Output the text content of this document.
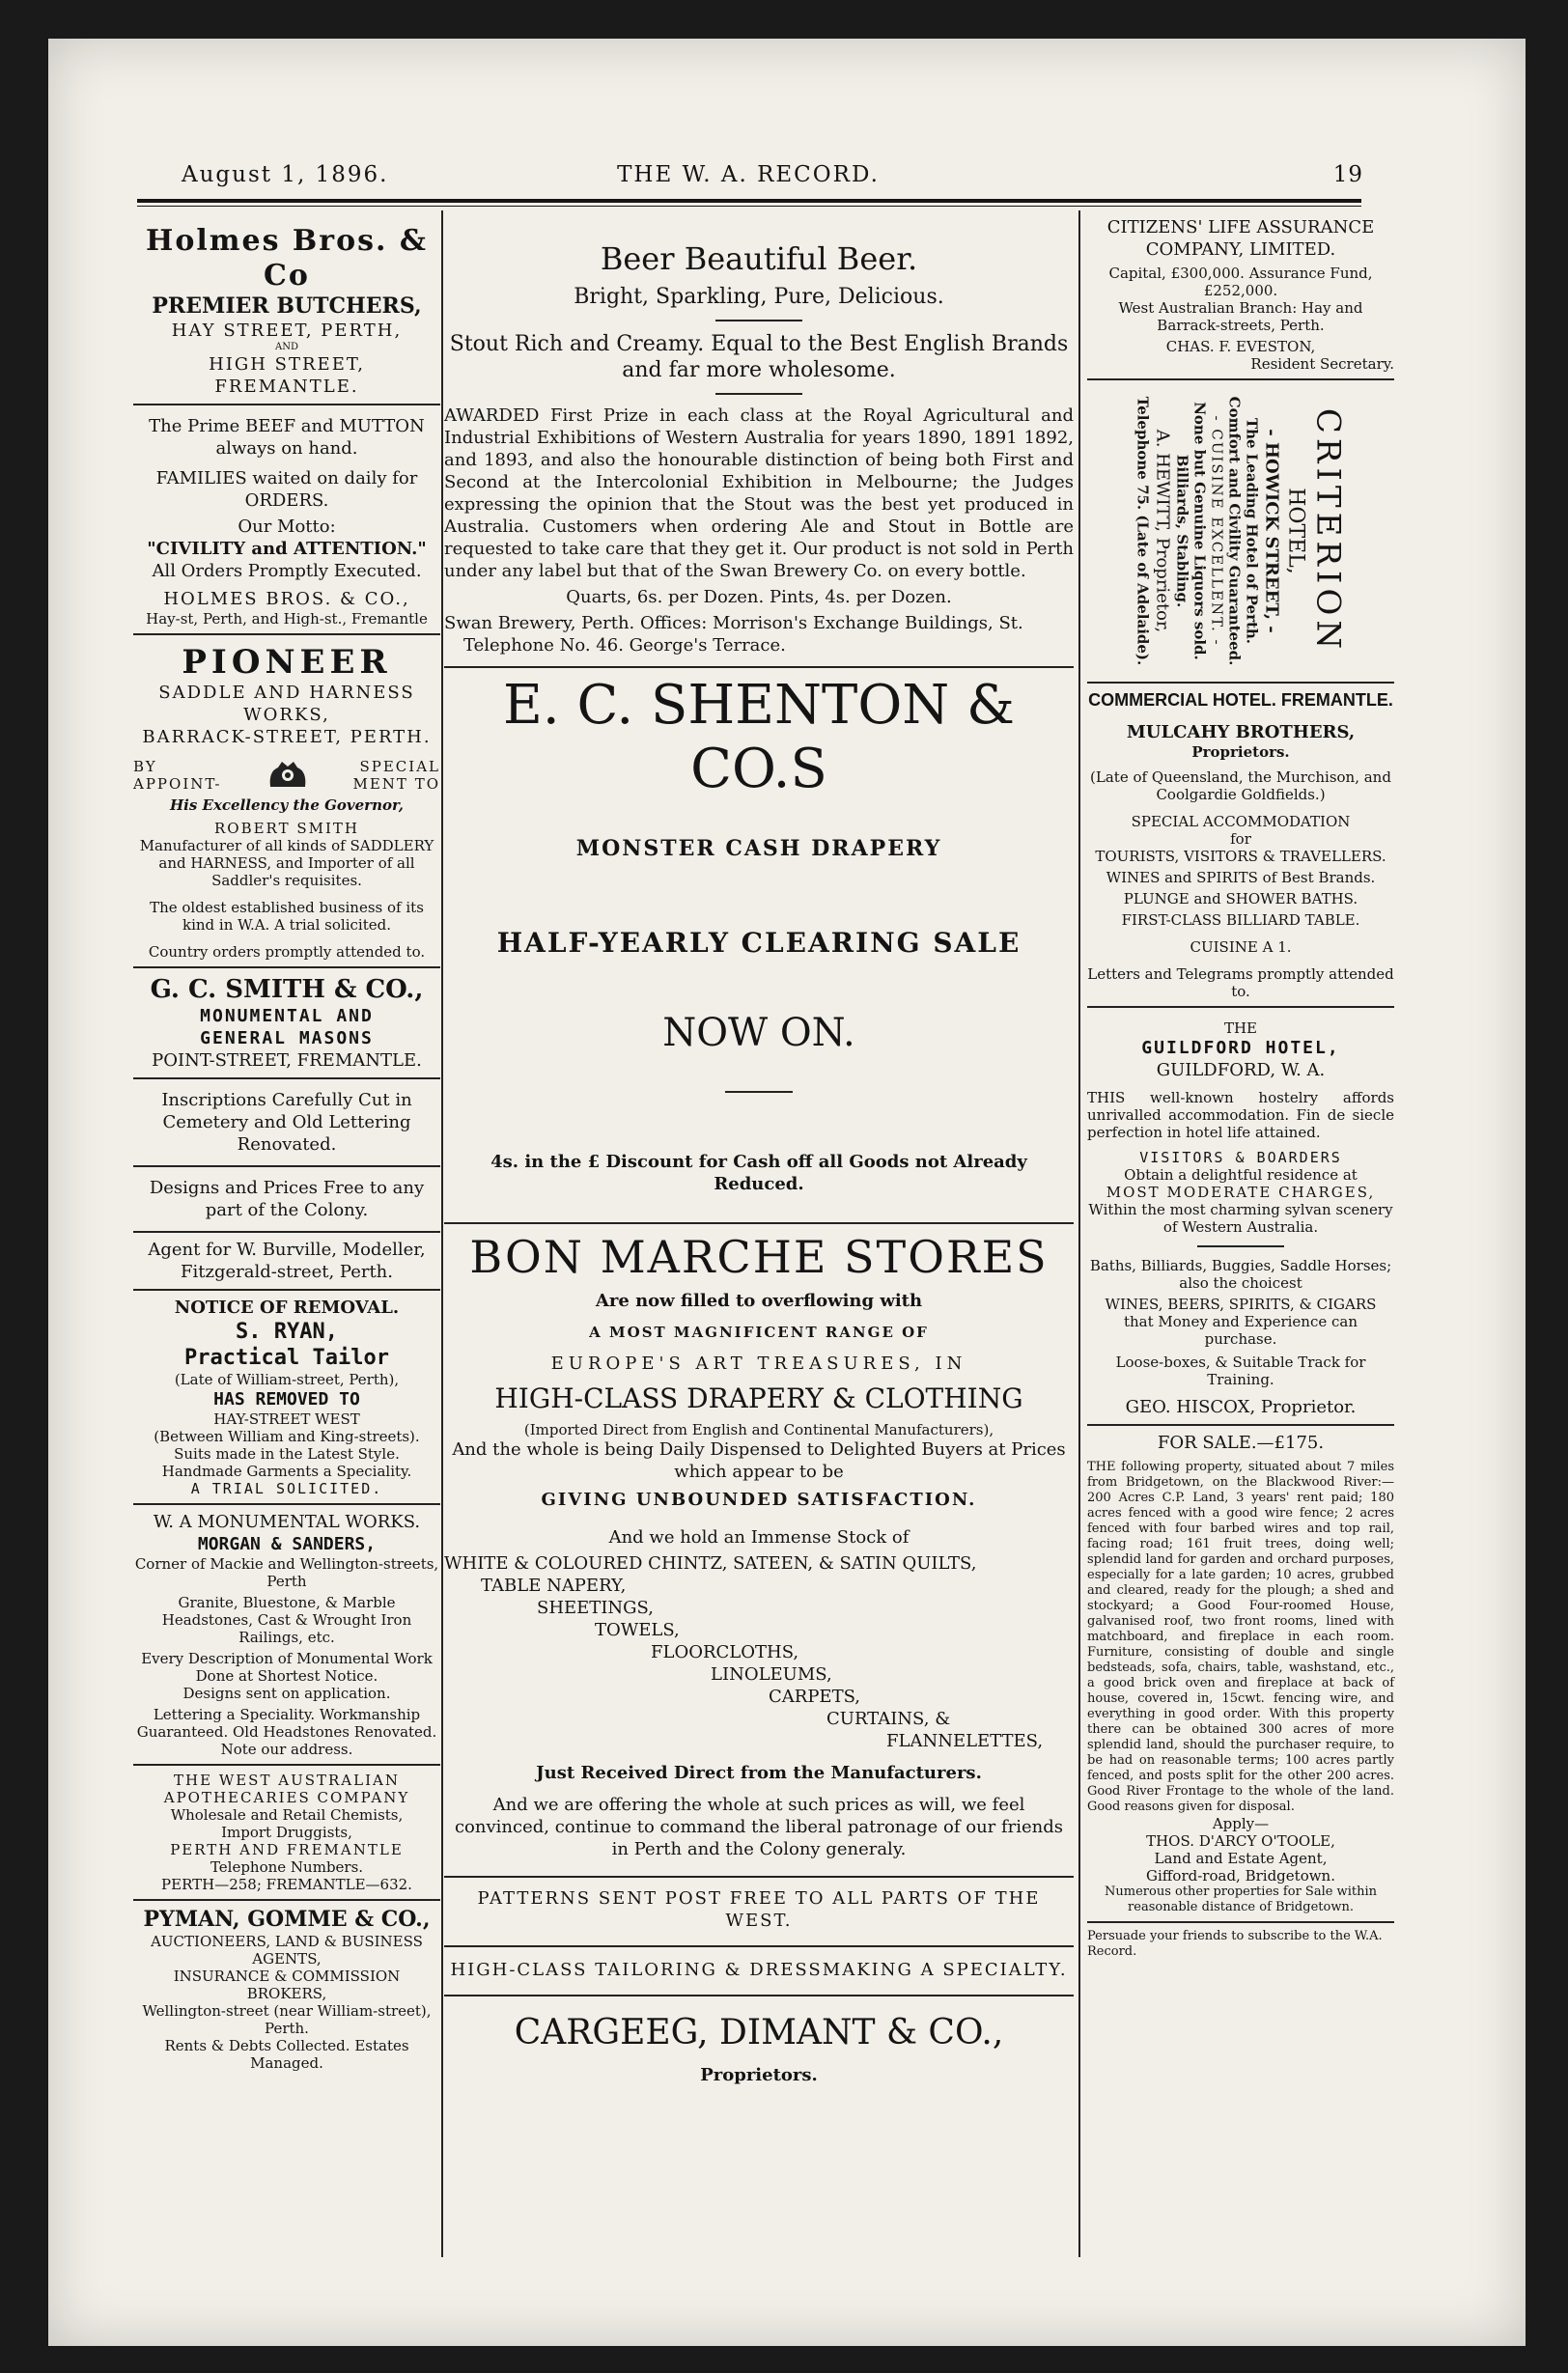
August 1, 1896.	THE W. A. RECORD.	19

Holmes Bros. & Co

PREMIER BUTCHERS,

HAY STREET, PERTH,

AND

HIGH STREET, FREMANTLE.

The Prime BEEF and MUTTON always on hand.

FAMILIES waited on daily for ORDERS.

Our Motto:

"CIVILITY and ATTENTION."

All Orders Promptly Executed.

HOLMES BROS. & CO.,

Hay-st, Perth, and High-st., Fremantle

PIONEER

SADDLE AND HARNESS

WORKS,

BARRACK-STREET, PERTH.

BY

APPOINT-

SPECIAL

MENT TO

His Excellency the Governor,

ROBERT SMITH

Manufacturer of all kinds of SADDLERY and HARNESS, and Importer of all Saddler's requisites.

The oldest established business of its kind in W.A. A trial solicited.

Country orders promptly attended to.

G. C. SMITH & CO.,

MONUMENTAL AND

GENERAL MASONS

POINT-STREET, FREMANTLE.

Inscriptions Carefully Cut in Cemetery and Old Lettering Renovated.

Designs and Prices Free to any part of the Colony.

Agent for W. Burville, Modeller, Fitzgerald-street, Perth.

NOTICE OF REMOVAL.

S. RYAN,

Practical Tailor

(Late of William-street, Perth),

HAS REMOVED TO

HAY-STREET WEST

(Between William and King-streets).

Suits made in the Latest Style. Handmade Garments a Speciality.

A TRIAL SOLICITED.

W. A MONUMENTAL WORKS.

MORGAN & SANDERS,

Corner of Mackie and Wellington-streets, Perth

Granite, Bluestone, & Marble Headstones, Cast & Wrought Iron Railings, etc.

Every Description of Monumental Work Done at Shortest Notice.

Designs sent on application.

Lettering a Speciality. Workmanship Guaranteed. Old Headstones Renovated. Note our address.

THE WEST AUSTRALIAN APOTHECARIES COMPANY

Wholesale and Retail Chemists,

Import Druggists,

PERTH AND FREMANTLE

Telephone Numbers.

PERTH—258; FREMANTLE—632.

PYMAN, GOMME & CO.,

AUCTIONEERS, LAND & BUSINESS AGENTS,

INSURANCE & COMMISSION BROKERS,

Wellington-street (near William-street), Perth.

Rents & Debts Collected. Estates Managed.

Beer Beautiful Beer.

Bright, Sparkling, Pure, Delicious.

Stout Rich and Creamy. Equal to the Best English Brands and far more wholesome.

AWARDED First Prize in each class at the Royal Agricultural and Industrial Exhibitions of Western Australia for years 1890, 1891 1892, and 1893, and also the honourable distinction of being both First and Second at the Intercolonial Exhibition in Melbourne; the Judges expressing the opinion that the Stout was the best yet produced in Australia. Customers when ordering Ale and Stout in Bottle are requested to take care that they get it. Our product is not sold in Perth under any label but that of the Swan Brewery Co. on every bottle.

Quarts, 6s. per Dozen. Pints, 4s. per Dozen.

Swan Brewery, Perth. Offices: Morrison's Exchange Buildings, St.

Telephone No. 46. George's Terrace.

E. C. SHENTON & CO.S

MONSTER CASH DRAPERY

HALF-YEARLY CLEARING SALE

NOW ON.

4s. in the £ Discount for Cash off all Goods not Already Reduced.

BON MARCHE STORES

Are now filled to overflowing with

A MOST MAGNIFICENT RANGE OF

EUROPE'S ART TREASURES, IN

HIGH-CLASS DRAPERY & CLOTHING

(Imported Direct from English and Continental Manufacturers),

And the whole is being Daily Dispensed to Delighted Buyers at Prices which appear to be

GIVING UNBOUNDED SATISFACTION.

And we hold an Immense Stock of

WHITE & COLOURED CHINTZ, SATEEN, & SATIN QUILTS,

TABLE NAPERY,

SHEETINGS,

TOWELS,

FLOORCLOTHS,

LINOLEUMS,

CARPETS,

CURTAINS, &

FLANNELETTES,

Just Received Direct from the Manufacturers.

And we are offering the whole at such prices as will, we feel convinced, continue to command the liberal patronage of our friends in Perth and the Colony generaly.

PATTERNS SENT POST FREE TO ALL PARTS OF THE WEST.

HIGH-CLASS TAILORING & DRESSMAKING A SPECIALTY.

CARGEEG, DIMANT & CO.,

Proprietors.

CITIZENS' LIFE ASSURANCE COMPANY, LIMITED.

Capital, £300,000. Assurance Fund, £252,000.

West Australian Branch: Hay and Barrack-streets, Perth.

CHAS. F. EVESTON,

Resident Secretary.

CRITERION

HOTEL,

- HOWICK STREET, -

The Leading Hotel of Perth. Comfort and Civility Guaranteed.

- CUISINE EXCELLENT. -

None but Genuine Liquors sold.

Billiards, Stabling.

A. HEWITT, Proprietor,

Telephone 75. (Late of Adelaide).

COMMERCIAL HOTEL. FREMANTLE.

MULCAHY BROTHERS,

Proprietors.

(Late of Queensland, the Murchison, and Coolgardie Goldfields.)

SPECIAL ACCOMMODATION

for

TOURISTS, VISITORS & TRAVELLERS.

WINES and SPIRITS of Best Brands.

PLUNGE and SHOWER BATHS.

FIRST-CLASS BILLIARD TABLE.

CUISINE A 1.

Letters and Telegrams promptly attended to.

THE

GUILDFORD HOTEL,

GUILDFORD, W. A.

THIS well-known hostelry affords unrivalled accommodation. Fin de siecle perfection in hotel life attained.

VISITORS & BOARDERS

Obtain a delightful residence at

MOST MODERATE CHARGES,

Within the most charming sylvan scenery of Western Australia.

Baths, Billiards, Buggies, Saddle Horses; also the choicest

WINES, BEERS, SPIRITS, & CIGARS

that Money and Experience can purchase.

Loose-boxes, & Suitable Track for Training.

GEO. HISCOX, Proprietor.

FOR SALE.—£175.

THE following property, situated about 7 miles from Bridgetown, on the Blackwood River:—200 Acres C.P. Land, 3 years' rent paid; 180 acres fenced with a good wire fence; 2 acres fenced with four barbed wires and top rail, facing road; 161 fruit trees, doing well; splendid land for garden and orchard purposes, especially for a late garden; 10 acres, grubbed and cleared, ready for the plough; a shed and stockyard; a Good Four-roomed House, galvanised roof, two front rooms, lined with matchboard, and fireplace in each room. Furniture, consisting of double and single bedsteads, sofa, chairs, table, washstand, etc., a good brick oven and fireplace at back of house, covered in, 15cwt. fencing wire, and everything in good order. With this property there can be obtained 300 acres of more splendid land, should the purchaser require, to be had on reasonable terms; 100 acres partly fenced, and posts split for the other 200 acres. Good River Frontage to the whole of the land. Good reasons given for disposal.

Apply—

THOS. D'ARCY O'TOOLE,

Land and Estate Agent,

Gifford-road, Bridgetown.

Numerous other properties for Sale within reasonable distance of Bridgetown.

Persuade your friends to subscribe to the W.A. Record.
